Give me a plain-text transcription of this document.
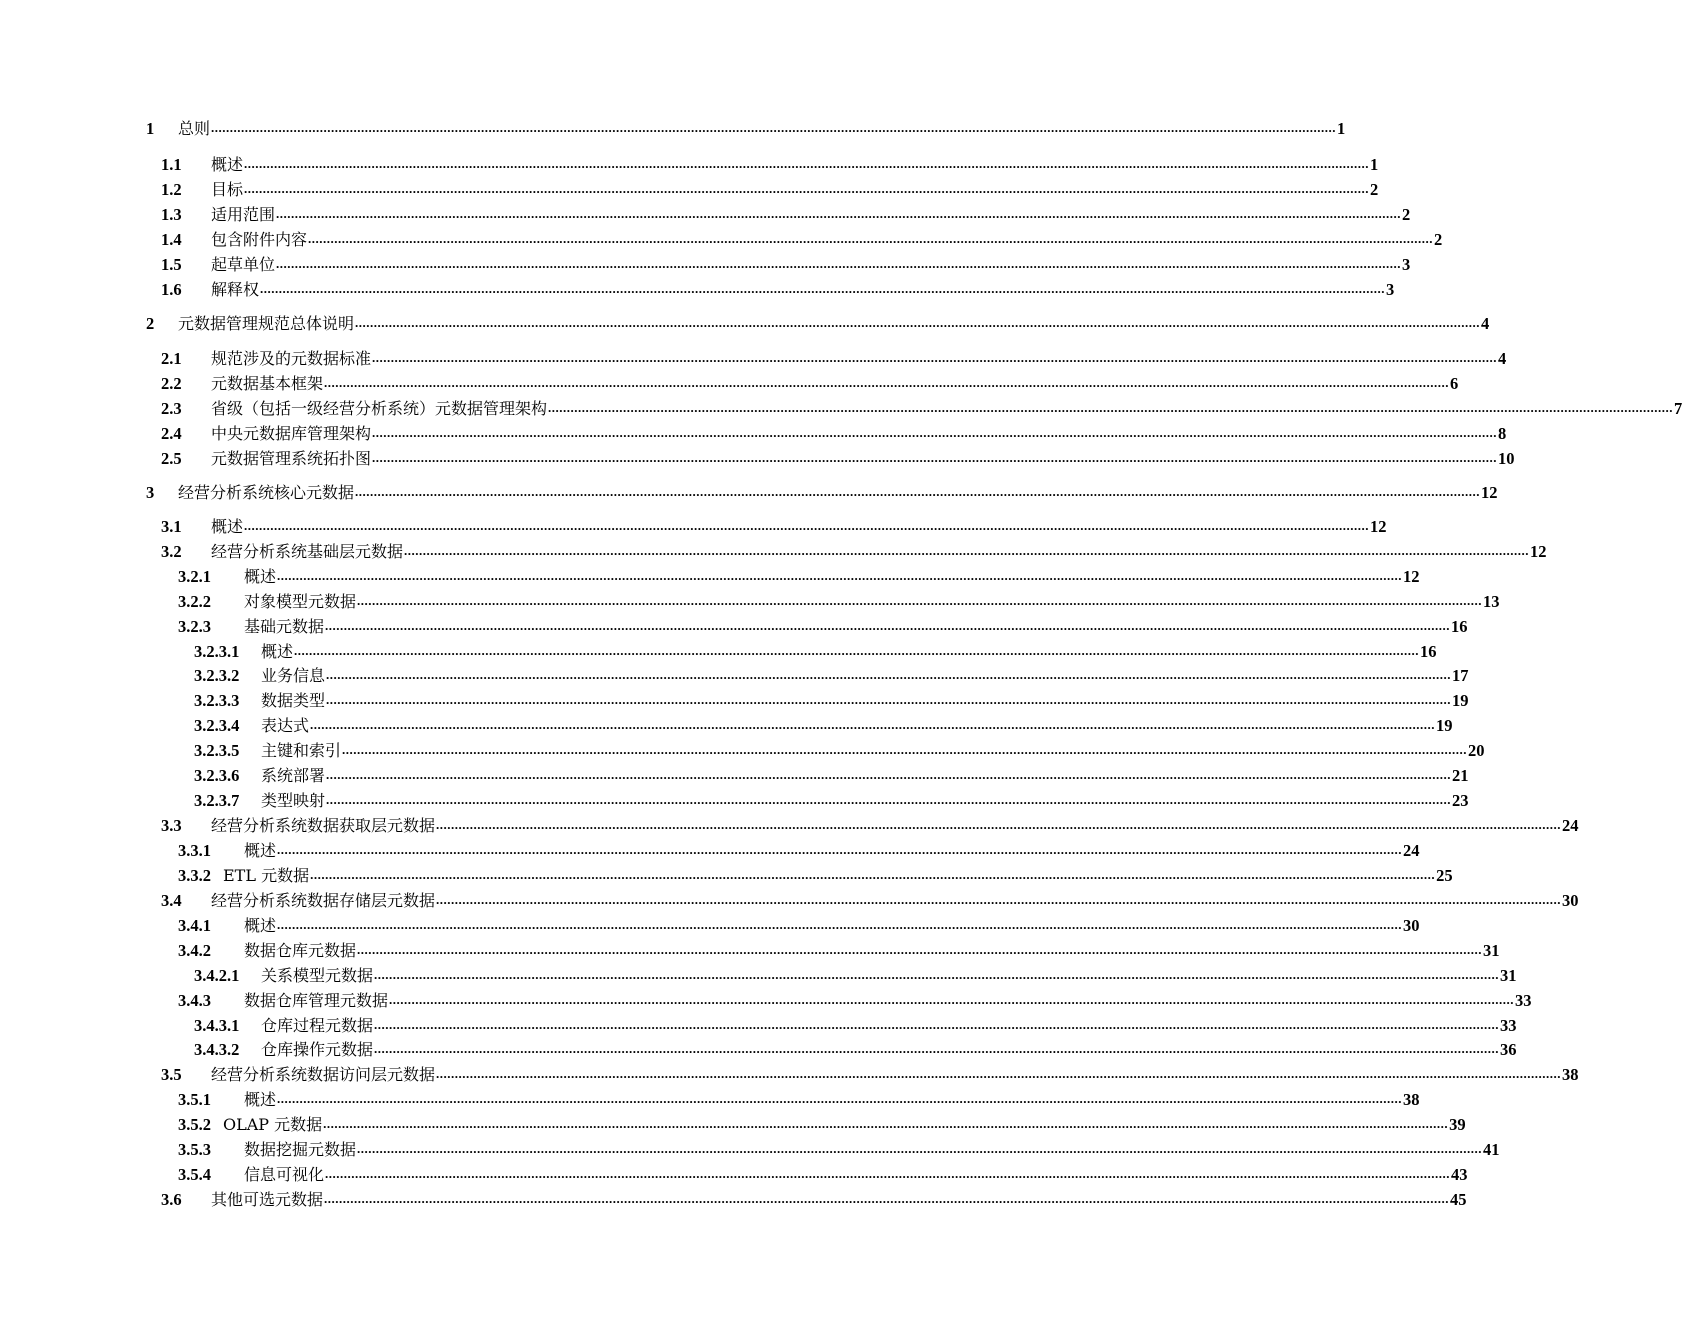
1	总则 ............................................................................................................................................................................................................................................................................................................ 1
1.1	概述 ............................................................................................................................................................................................................................................................................................................ 1
1.2	目标 ............................................................................................................................................................................................................................................................................................................ 2
1.3	适用范围 ............................................................................................................................................................................................................................................................................................................ 2
1.4	包含附件内容 ............................................................................................................................................................................................................................................................................................................ 2
1.5	起草单位 ............................................................................................................................................................................................................................................................................................................ 3
1.6	解释权 ............................................................................................................................................................................................................................................................................................................ 3
2	元数据管理规范总体说明 ............................................................................................................................................................................................................................................................................................................ 4
2.1	规范涉及的元数据标准 ............................................................................................................................................................................................................................................................................................................ 4
2.2	元数据基本框架 ............................................................................................................................................................................................................................................................................................................ 6
2.3	省级（包括一级经营分析系统）元数据管理架构 ............................................................................................................................................................................................................................................................................................................ 7
2.4	中央元数据库管理架构 ............................................................................................................................................................................................................................................................................................................ 8
2.5	元数据管理系统拓扑图 ............................................................................................................................................................................................................................................................................................................ 10
3	经营分析系统核心元数据 ............................................................................................................................................................................................................................................................................................................ 12
3.1	概述 ............................................................................................................................................................................................................................................................................................................ 12
3.2	经营分析系统基础层元数据 ............................................................................................................................................................................................................................................................................................................ 12
3.2.1	概述 ............................................................................................................................................................................................................................................................................................................ 12
3.2.2	对象模型元数据 ............................................................................................................................................................................................................................................................................................................ 13
3.2.3	基础元数据 ............................................................................................................................................................................................................................................................................................................ 16
3.2.3.1	概述 ............................................................................................................................................................................................................................................................................................................ 16
3.2.3.2	业务信息 ............................................................................................................................................................................................................................................................................................................ 17
3.2.3.3	数据类型 ............................................................................................................................................................................................................................................................................................................ 19
3.2.3.4	表达式 ............................................................................................................................................................................................................................................................................................................ 19
3.2.3.5	主键和索引 ............................................................................................................................................................................................................................................................................................................ 20
3.2.3.6	系统部署 ............................................................................................................................................................................................................................................................................................................ 21
3.2.3.7	类型映射 ............................................................................................................................................................................................................................................................................................................ 23
3.3	经营分析系统数据获取层元数据 ............................................................................................................................................................................................................................................................................................................ 24
3.3.1	概述 ............................................................................................................................................................................................................................................................................................................ 24
3.3.2 ETL 元数据 ............................................................................................................................................................................................................................................................................................................ 25
3.4	经营分析系统数据存储层元数据 ............................................................................................................................................................................................................................................................................................................ 30
3.4.1	概述 ............................................................................................................................................................................................................................................................................................................ 30
3.4.2	数据仓库元数据 ............................................................................................................................................................................................................................................................................................................ 31
3.4.2.1	关系模型元数据 ............................................................................................................................................................................................................................................................................................................ 31
3.4.3	数据仓库管理元数据 ............................................................................................................................................................................................................................................................................................................ 33
3.4.3.1	仓库过程元数据 ............................................................................................................................................................................................................................................................................................................ 33
3.4.3.2	仓库操作元数据 ............................................................................................................................................................................................................................................................................................................ 36
3.5	经营分析系统数据访问层元数据 ............................................................................................................................................................................................................................................................................................................ 38
3.5.1	概述 ............................................................................................................................................................................................................................................................................................................ 38
3.5.2 OLAP 元数据 ............................................................................................................................................................................................................................................................................................................ 39
3.5.3	数据挖掘元数据 ............................................................................................................................................................................................................................................................................................................ 41
3.5.4	信息可视化 ............................................................................................................................................................................................................................................................................................................ 43
3.6	其他可选元数据 ............................................................................................................................................................................................................................................................................................................ 45
